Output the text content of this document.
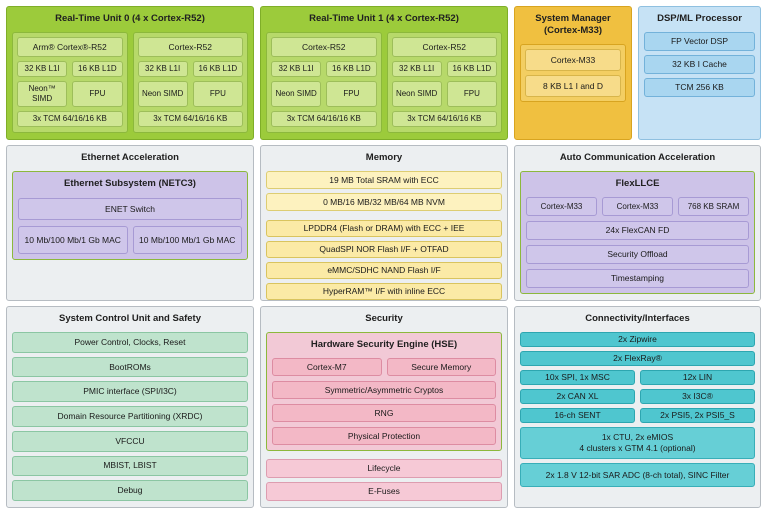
Real-Time Unit 0 (4 x Cortex-R52)
Arm® Cortex®-R52
32 KB L1I	16 KB L1D
Neon™ SIMD
FPU
3x TCM 64/16/16 KB
Cortex-R52
32 KB L1I	16 KB L1D
Neon SIMD	FPU
3x TCM 64/16/16 KB
Real-Time Unit 1 (4 x Cortex-R52)
Cortex-R52
32 KB L1I	16 KB L1D
Neon SIMD	FPU
3x TCM 64/16/16 KB
Cortex-R52
32 KB L1I	16 KB L1D
Neon SIMD	FPU
3x TCM 64/16/16 KB
System Manager (Cortex-M33)
Cortex-M33
8 KB L1 I and D
DSP/ML Processor
FP Vector DSP
32 KB I Cache
TCM 256 KB
Ethernet Acceleration
Ethernet Subsystem (NETC3)
ENET Switch
10 Mb/100 Mb/1 Gb MAC	10 Mb/100 Mb/1 Gb MAC
Memory
19 MB Total SRAM with ECC
0 MB/16 MB/32 MB/64 MB NVM
LPDDR4 (Flash or DRAM) with ECC + IEE
QuadSPI NOR Flash I/F + OTFAD
eMMC/SDHC NAND Flash I/F
HyperRAM™ I/F with inline ECC
Auto Communication Acceleration
FlexLLCE
Cortex-M33	Cortex-M33	768 KB SRAM
24x FlexCAN FD
Security Offload
Timestamping
System Control Unit and Safety
Power Control, Clocks, Reset
BootROMs
PMIC interface (SPI/I3C)
Domain Resource Partitioning (XRDC)
VFCCU
MBIST, LBIST
Debug
Security
Hardware Security Engine (HSE)
Cortex-M7	Secure Memory
Symmetric/Asymmetric Cryptos
RNG
Physical Protection
Lifecycle
E-Fuses
Connectivity/Interfaces
2x Zipwire
2x FlexRay®
10x SPI, 1x MSC	12x LIN
2x CAN XL	3x I3C®
16-ch SENT	2x PSI5, 2x PSI5_S
1x CTU, 2x eMIOS
4 clusters x GTM 4.1 (optional)
2x 1.8 V 12-bit SAR ADC (8-ch total), SINC Filter
